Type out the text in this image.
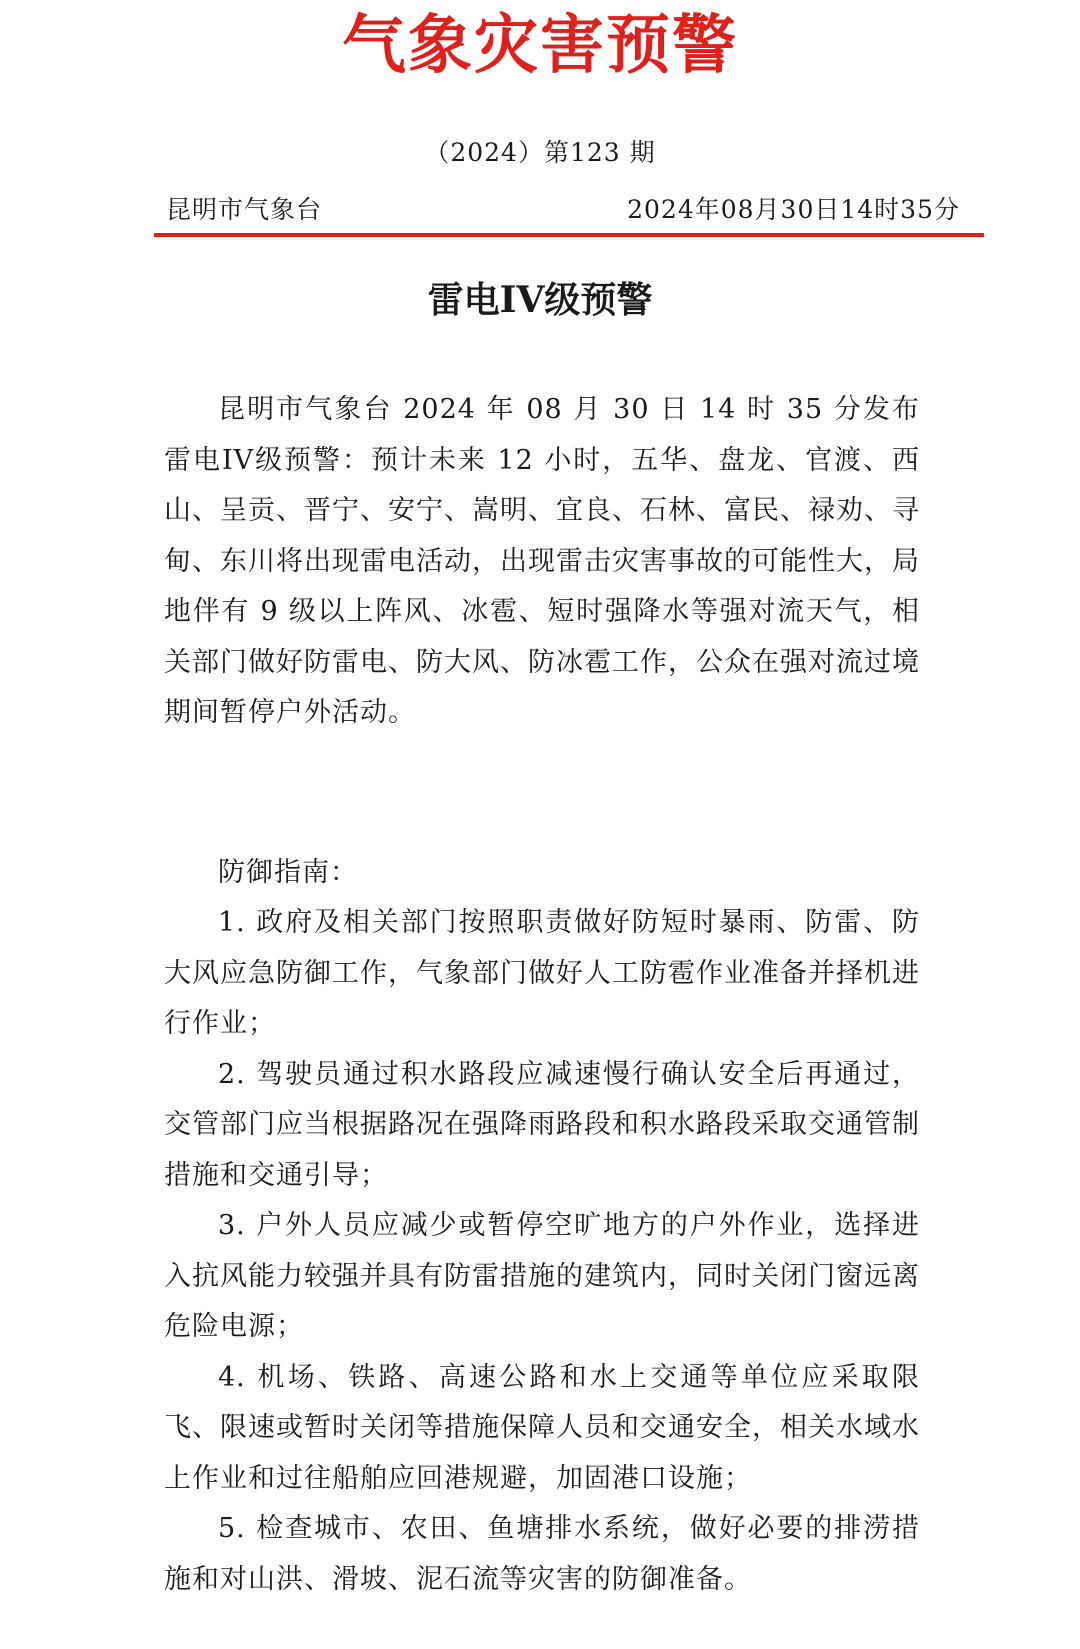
气象灾害预警
（2024）第123 期
昆明市气象台	2024年08月30日14时35分
雷电IV级预警

昆明市气象台 2024 年 08 月 30 日 14 时 35 分发布雷电IV级预警：预计未来 12 小时，五华、盘龙、官渡、西山、呈贡、晋宁、安宁、嵩明、宜良、石林、富民、禄劝、寻甸、东川将出现雷电活动，出现雷击灾害事故的可能性大，局地伴有 9 级以上阵风、冰雹、短时强降水等强对流天气，相关部门做好防雷电、防大风、防冰雹工作，公众在强对流过境期间暂停户外活动。

防御指南：

1. 政府及相关部门按照职责做好防短时暴雨、防雷、防大风应急防御工作，气象部门做好人工防雹作业准备并择机进行作业；
2. 驾驶员通过积水路段应减速慢行确认安全后再通过，交管部门应当根据路况在强降雨路段和积水路段采取交通管制措施和交通引导；
3. 户外人员应减少或暂停空旷地方的户外作业，选择进入抗风能力较强并具有防雷措施的建筑内，同时关闭门窗远离危险电源；
4. 机场、铁路、高速公路和水上交通等单位应采取限飞、限速或暂时关闭等措施保障人员和交通安全，相关水域水上作业和过往船舶应回港规避，加固港口设施；
5. 检查城市、农田、鱼塘排水系统，做好必要的排涝措施和对山洪、滑坡、泥石流等灾害的防御准备。
